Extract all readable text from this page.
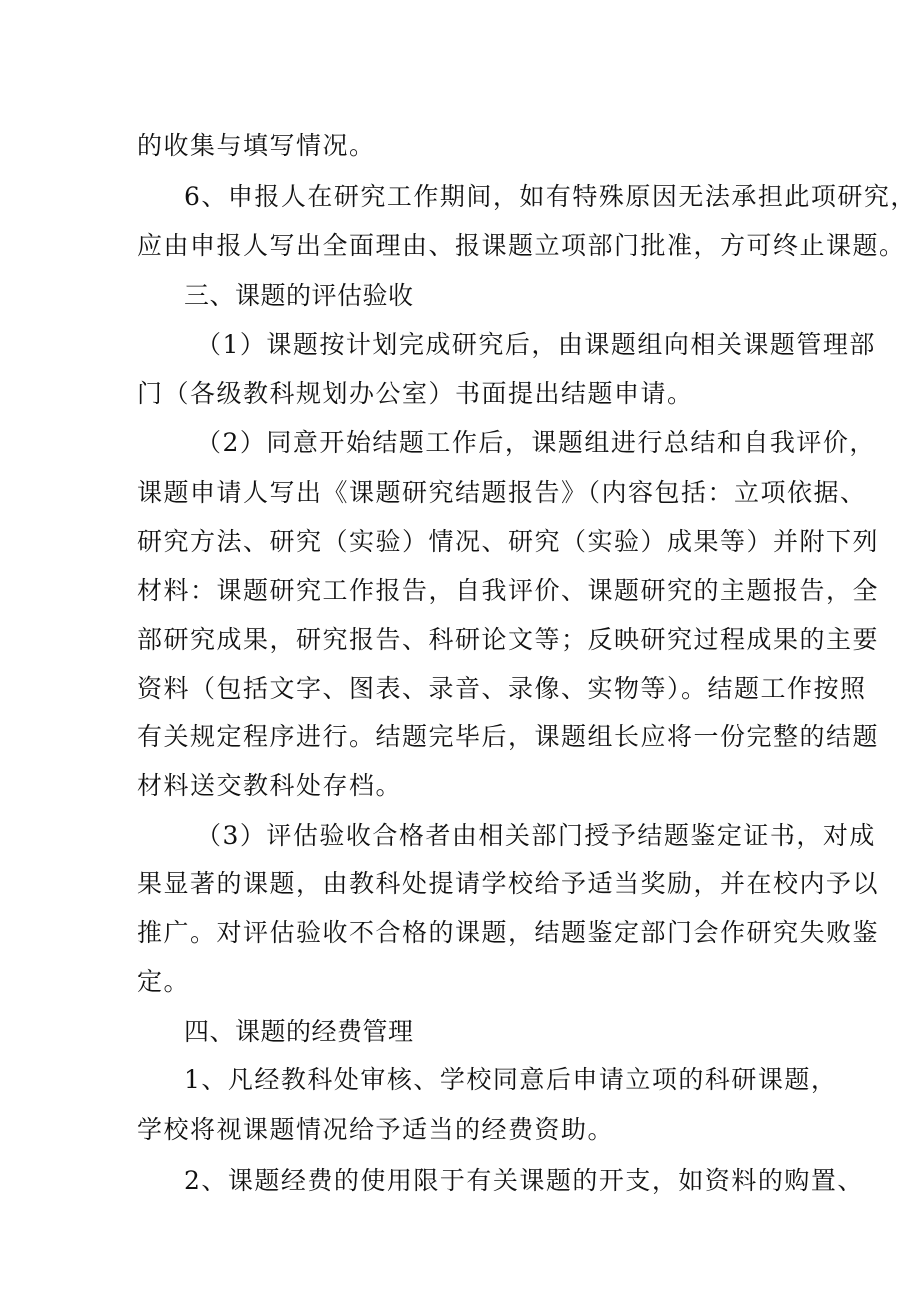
的收集与填写情况。
6、申报人在研究工作期间，如有特殊原因无法承担此项研究，
应由申报人写出全面理由、报课题立项部门批准，方可终止课题。
三、课题的评估验收
（1）课题按计划完成研究后，由课题组向相关课题管理部
门（各级教科规划办公室）书面提出结题申请。
（2）同意开始结题工作后，课题组进行总结和自我评价，
课题申请人写出《课题研究结题报告》（内容包括：立项依据、
研究方法、研究（实验）情况、研究（实验）成果等）并附下列
材料：课题研究工作报告，自我评价、课题研究的主题报告，全
部研究成果，研究报告、科研论文等；反映研究过程成果的主要
资料（包括文字、图表、录音、录像、实物等）。结题工作按照
有关规定程序进行。结题完毕后，课题组长应将一份完整的结题
材料送交教科处存档。
（3）评估验收合格者由相关部门授予结题鉴定证书，对成
果显著的课题，由教科处提请学校给予适当奖励，并在校内予以
推广。对评估验收不合格的课题，结题鉴定部门会作研究失败鉴
定。
四、课题的经费管理
1、凡经教科处审核、学校同意后申请立项的科研课题，
学校将视课题情况给予适当的经费资助。
2、课题经费的使用限于有关课题的开支，如资料的购置、
